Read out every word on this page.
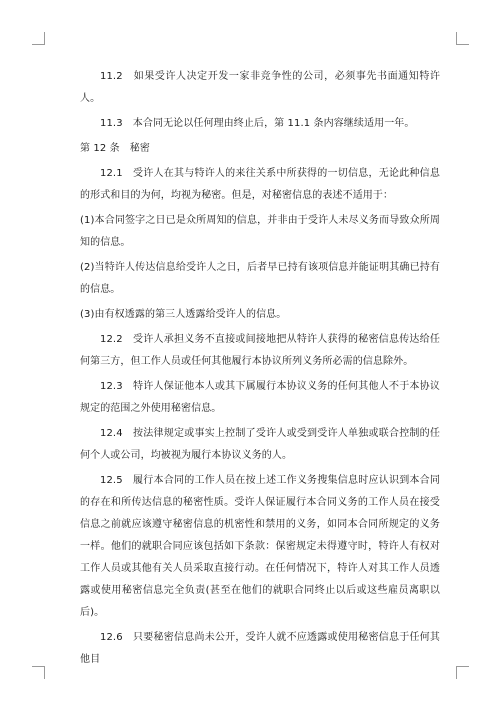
11.2　如果受许人决定开发一家非竞争性的公司，必须事先书面通知特许人。

11.3　本合同无论以任何理由终止后，第 11.1 条内容继续适用一年。

第 12 条　秘密

12.1　受许人在其与特许人的来往关系中所获得的一切信息，无论此种信息的形式和目的为何，均视为秘密。但是，对秘密信息的表述不适用于：

(1)本合同签字之日已是众所周知的信息，并非由于受许人未尽义务而导致众所周知的信息。

(2)当特许人传达信息给受许人之日，后者早已持有该项信息并能证明其确已持有的信息。

(3)由有权透露的第三人透露给受许人的信息。

12.2　受许人承担义务不直接或间接地把从特许人获得的秘密信息传达给任何第三方，但工作人员或任何其他履行本协议所列义务所必需的信息除外。

12.3　特许人保证他本人或其下属履行本协议义务的任何其他人不于本协议规定的范围之外使用秘密信息。

12.4　按法律规定或事实上控制了受许人或受到受许人单独或联合控制的任何个人或公司，均被视为履行本协议义务的人。

12.5　履行本合同的工作人员在按上述工作义务搜集信息时应认识到本合同的存在和所传达信息的秘密性质。受许人保证履行本合同义务的工作人员在接受信息之前就应该遵守秘密信息的机密性和禁用的义务，如同本合同所规定的义务一样。他们的就职合同应该包括如下条款：保密规定未得遵守时，特许人有权对工作人员或其他有关人员采取直接行动。在任何情况下，特许人对其工作人员透露或使用秘密信息完全负责(甚至在他们的就职合同终止以后或这些雇员离职以后)。

12.6　只要秘密信息尚未公开，受许人就不应透露或使用秘密信息于任何其他目
